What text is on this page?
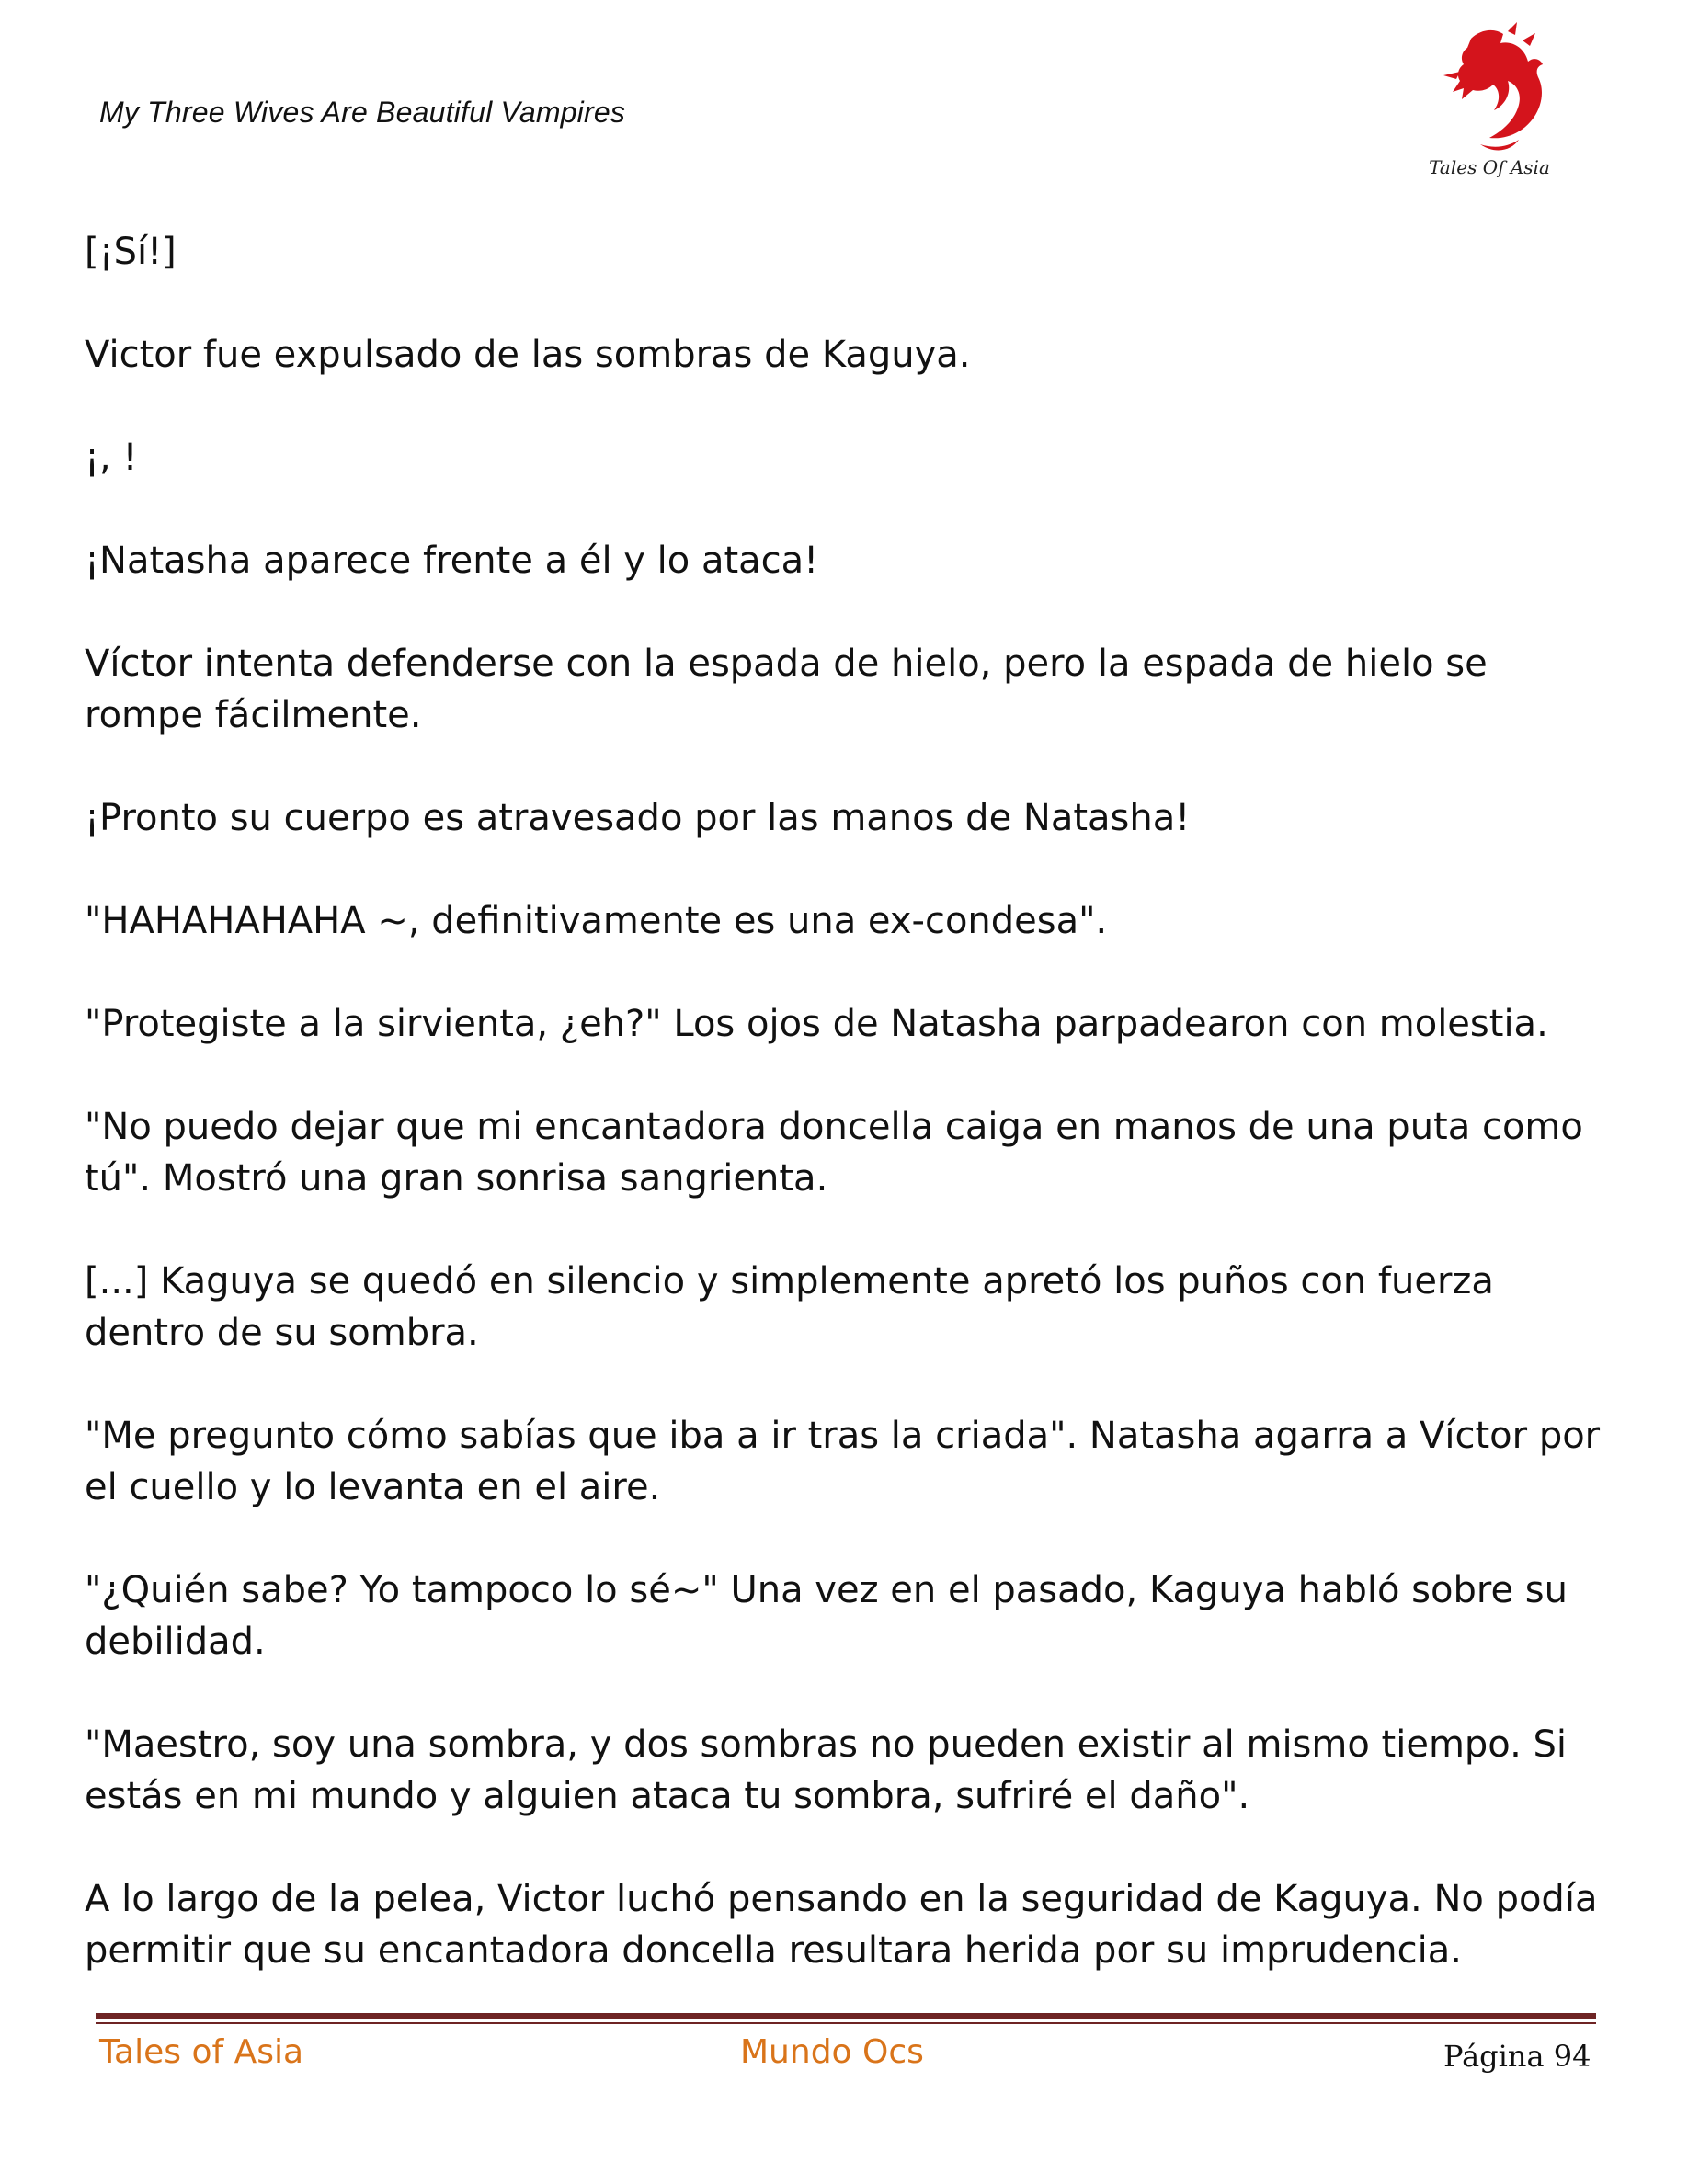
My Three Wives Are Beautiful Vampires
Tales Of Asia

[¡Sí!]

Victor fue expulsado de las sombras de Kaguya.

¡, !

¡Natasha aparece frente a él y lo ataca!

Víctor intenta defenderse con la espada de hielo, pero la espada de hielo se rompe fácilmente.

¡Pronto su cuerpo es atravesado por las manos de Natasha!

"HAHAHAHAHA ~, definitivamente es una ex-condesa".

"Protegiste a la sirvienta, ¿eh?" Los ojos de Natasha parpadearon con molestia.

"No puedo dejar que mi encantadora doncella caiga en manos de una puta como tú". Mostró una gran sonrisa sangrienta.

[...] Kaguya se quedó en silencio y simplemente apretó los puños con fuerza dentro de su sombra.

"Me pregunto cómo sabías que iba a ir tras la criada". Natasha agarra a Víctor por el cuello y lo levanta en el aire.

"¿Quién sabe? Yo tampoco lo sé~" Una vez en el pasado, Kaguya habló sobre su debilidad.

"Maestro, soy una sombra, y dos sombras no pueden existir al mismo tiempo. Si estás en mi mundo y alguien ataca tu sombra, sufriré el daño".

A lo largo de la pelea, Victor luchó pensando en la seguridad de Kaguya. No podía permitir que su encantadora doncella resultara herida por su imprudencia.

Tales of Asia	Mundo Ocs	Página 94
